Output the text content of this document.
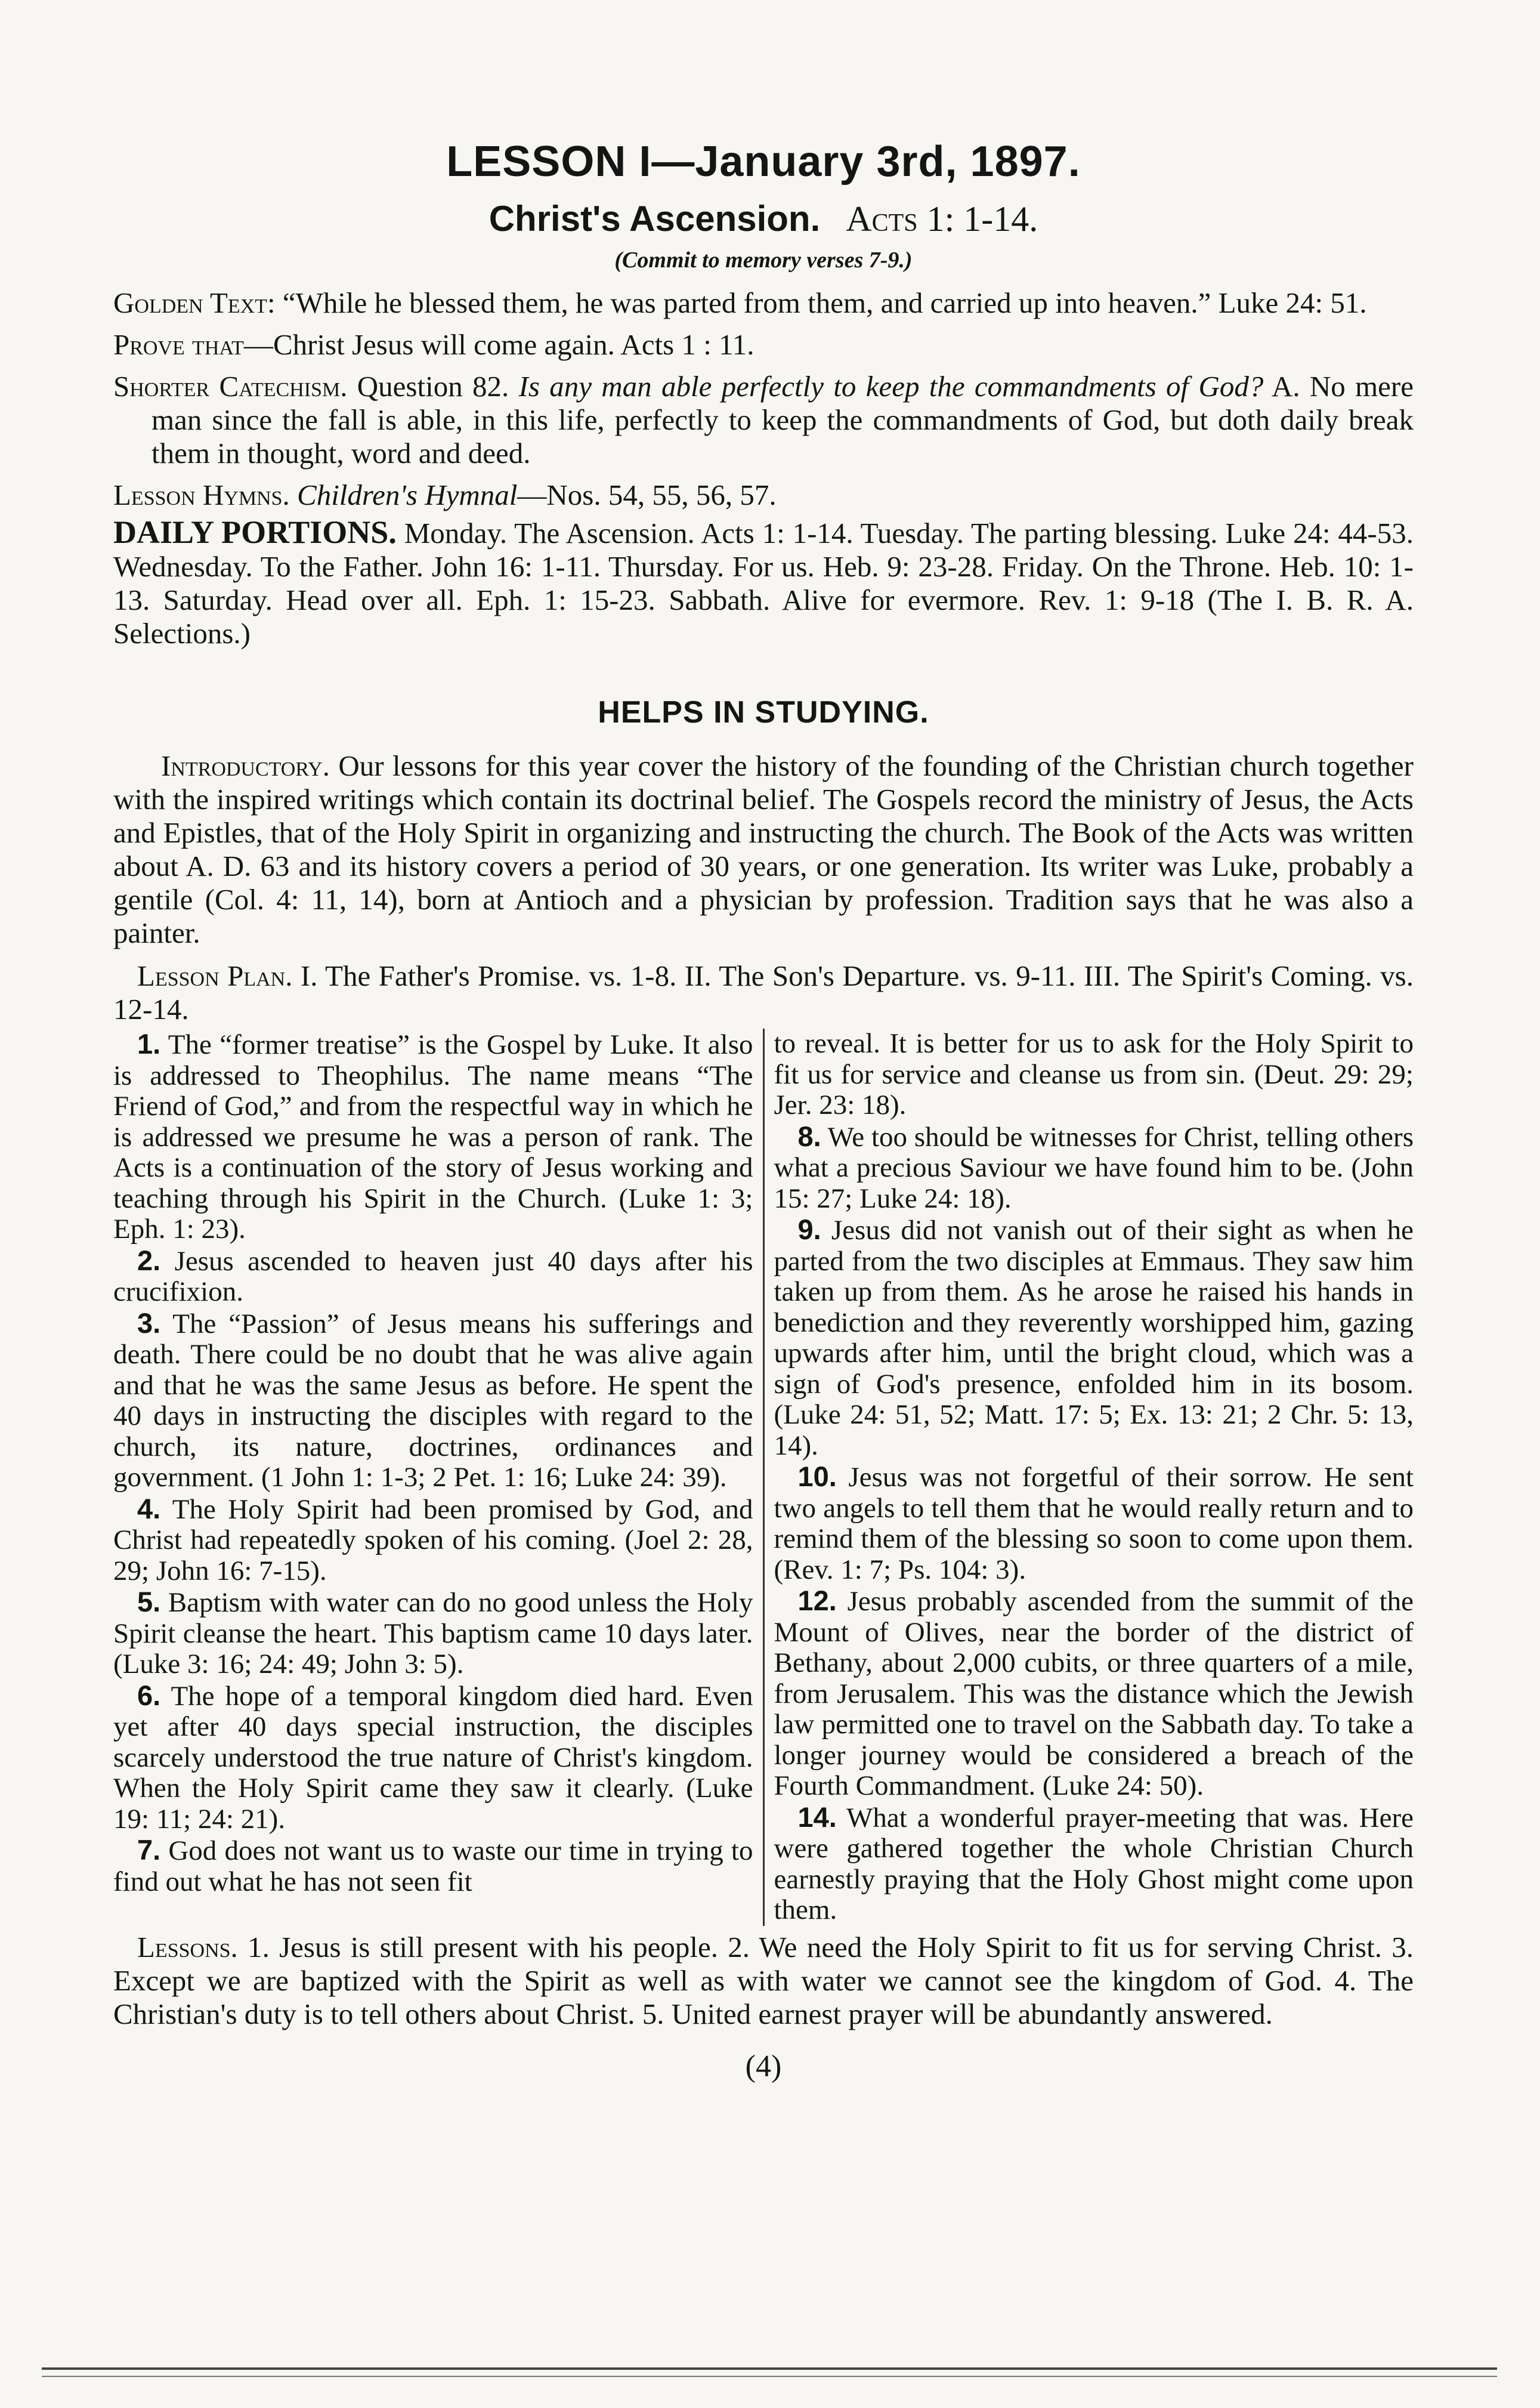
LESSON I—January 3rd, 1897.
Christ's Ascension. Acts 1: 1-14.
(Commit to memory verses 7-9.)
Golden Text: “While he blessed them, he was parted from them, and carried up into heaven.” Luke 24: 51.
Prove that—Christ Jesus will come again. Acts 1 : 11.
Shorter Catechism. Question 82. Is any man able perfectly to keep the commandments of God? A. No mere man since the fall is able, in this life, perfectly to keep the commandments of God, but doth daily break them in thought, word and deed.
Lesson Hymns. Children's Hymnal—Nos. 54, 55, 56, 57.
DAILY PORTIONS. Monday. The Ascension. Acts 1: 1-14. Tuesday. The parting blessing. Luke 24: 44-53. Wednesday. To the Father. John 16: 1-11. Thursday. For us. Heb. 9: 23-28. Friday. On the Throne. Heb. 10: 1-13. Saturday. Head over all. Eph. 1: 15-23. Sabbath. Alive for evermore. Rev. 1: 9-18 (The I. B. R. A. Selections.)
HELPS IN STUDYING.
Introductory. Our lessons for this year cover the history of the founding of the Christian church together with the inspired writings which contain its doctrinal belief. The Gospels record the ministry of Jesus, the Acts and Epistles, that of the Holy Spirit in organizing and instructing the church. The Book of the Acts was written about A. D. 63 and its history covers a period of 30 years, or one generation. Its writer was Luke, probably a gentile (Col. 4: 11, 14), born at Antioch and a physician by profession. Tradition says that he was also a painter.
Lesson Plan. I. The Father's Promise. vs. 1-8. II. The Son's Departure. vs. 9-11. III. The Spirit's Coming. vs. 12-14.
1. The “former treatise” is the Gospel by Luke. It also is addressed to Theophilus. The name means “The Friend of God,” and from the respectful way in which he is addressed we presume he was a person of rank. The Acts is a continuation of the story of Jesus working and teaching through his Spirit in the Church. (Luke 1: 3; Eph. 1: 23).
2. Jesus ascended to heaven just 40 days after his crucifixion.
3. The “Passion” of Jesus means his sufferings and death. There could be no doubt that he was alive again and that he was the same Jesus as before. He spent the 40 days in instructing the disciples with regard to the church, its nature, doctrines, ordinances and government. (1 John 1: 1-3; 2 Pet. 1: 16; Luke 24: 39).
4. The Holy Spirit had been promised by God, and Christ had repeatedly spoken of his coming. (Joel 2: 28, 29; John 16: 7-15).
5. Baptism with water can do no good unless the Holy Spirit cleanse the heart. This baptism came 10 days later. (Luke 3: 16; 24: 49; John 3: 5).
6. The hope of a temporal kingdom died hard. Even yet after 40 days special instruction, the disciples scarcely understood the true nature of Christ's kingdom. When the Holy Spirit came they saw it clearly. (Luke 19: 11; 24: 21).
7. God does not want us to waste our time in trying to find out what he has not seen fit
to reveal. It is better for us to ask for the Holy Spirit to fit us for service and cleanse us from sin. (Deut. 29: 29; Jer. 23: 18).
8. We too should be witnesses for Christ, telling others what a precious Saviour we have found him to be. (John 15: 27; Luke 24: 18).
9. Jesus did not vanish out of their sight as when he parted from the two disciples at Emmaus. They saw him taken up from them. As he arose he raised his hands in benediction and they reverently worshipped him, gazing upwards after him, until the bright cloud, which was a sign of God's presence, enfolded him in its bosom. (Luke 24: 51, 52; Matt. 17: 5; Ex. 13: 21; 2 Chr. 5: 13, 14).
10. Jesus was not forgetful of their sorrow. He sent two angels to tell them that he would really return and to remind them of the blessing so soon to come upon them. (Rev. 1: 7; Ps. 104: 3).
12. Jesus probably ascended from the summit of the Mount of Olives, near the border of the district of Bethany, about 2,000 cubits, or three quarters of a mile, from Jerusalem. This was the distance which the Jewish law permitted one to travel on the Sabbath day. To take a longer journey would be considered a breach of the Fourth Commandment. (Luke 24: 50).
14. What a wonderful prayer-meeting that was. Here were gathered together the whole Christian Church earnestly praying that the Holy Ghost might come upon them.
Lessons. 1. Jesus is still present with his people. 2. We need the Holy Spirit to fit us for serving Christ. 3. Except we are baptized with the Spirit as well as with water we cannot see the kingdom of God. 4. The Christian's duty is to tell others about Christ. 5. United earnest prayer will be abundantly answered.
(4)
